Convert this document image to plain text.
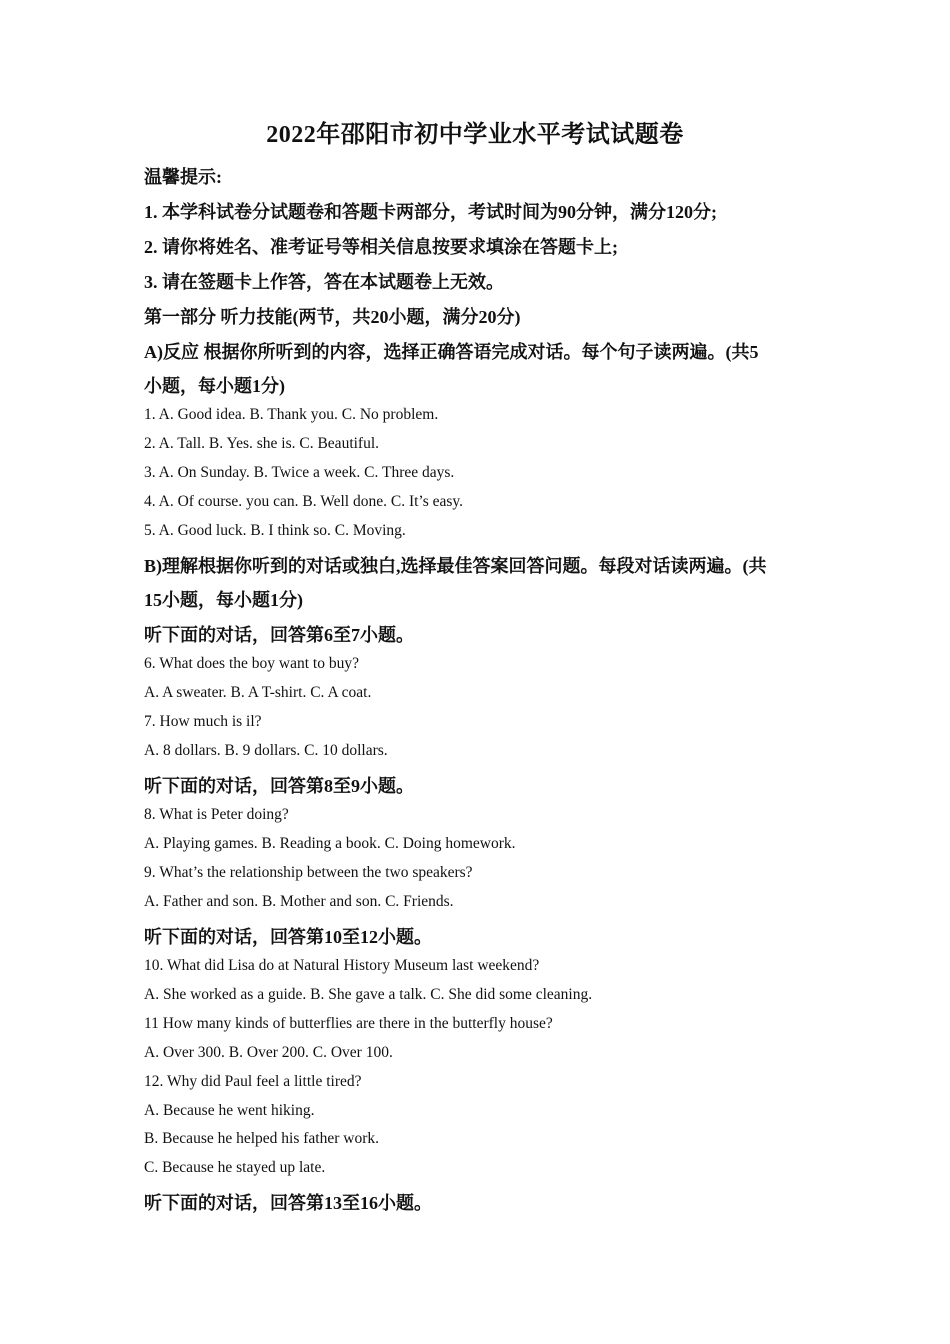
2022年邵阳市初中学业水平考试试题卷
温馨提示:
1. 本学科试卷分试题卷和答题卡两部分，考试时间为90分钟，满分120分;
2. 请你将姓名、准考证号等相关信息按要求填涂在答题卡上;
3. 请在签题卡上作答，答在本试题卷上无效。
第一部分 听力技能(两节，共20小题，满分20分)
A)反应 根据你所听到的内容，选择正确答语完成对话。每个句子读两遍。(共5
小题，每小题1分)
1. A. Good idea. B. Thank you. C. No problem.
2. A. Tall. B. Yes. she is. C. Beautiful.
3. A. On Sunday. B. Twice a week. C. Three days.
4. A. Of course. you can. B. Well done. C. It’s easy.
5. A. Good luck. B. I think so. C. Moving.
B)理解根据你听到的对话或独白,选择最佳答案回答问题。每段对话读两遍。(共
15小题，每小题1分)
听下面的对话，回答第6至7小题。
6. What does the boy want to buy?
A. A sweater. B. A T-shirt. C. A coat.
7. How much is il?
A. 8 dollars. B. 9 dollars. C. 10 dollars.
听下面的对话，回答第8至9小题。
8. What is Peter doing?
A. Playing games. B. Reading a book. C. Doing homework.
9. What’s the relationship between the two speakers?
A. Father and son. B. Mother and son. C. Friends.
听下面的对话，回答第10至12小题。
10. What did Lisa do at Natural History Museum last weekend?
A. She worked as a guide. B. She gave a talk. C. She did some cleaning.
11 How many kinds of butterflies are there in the butterfly house?
A. Over 300. B. Over 200. C. Over 100.
12. Why did Paul feel a little tired?
A. Because he went hiking.
B. Because he helped his father work.
C. Because he stayed up late.
听下面的对话，回答第13至16小题。
